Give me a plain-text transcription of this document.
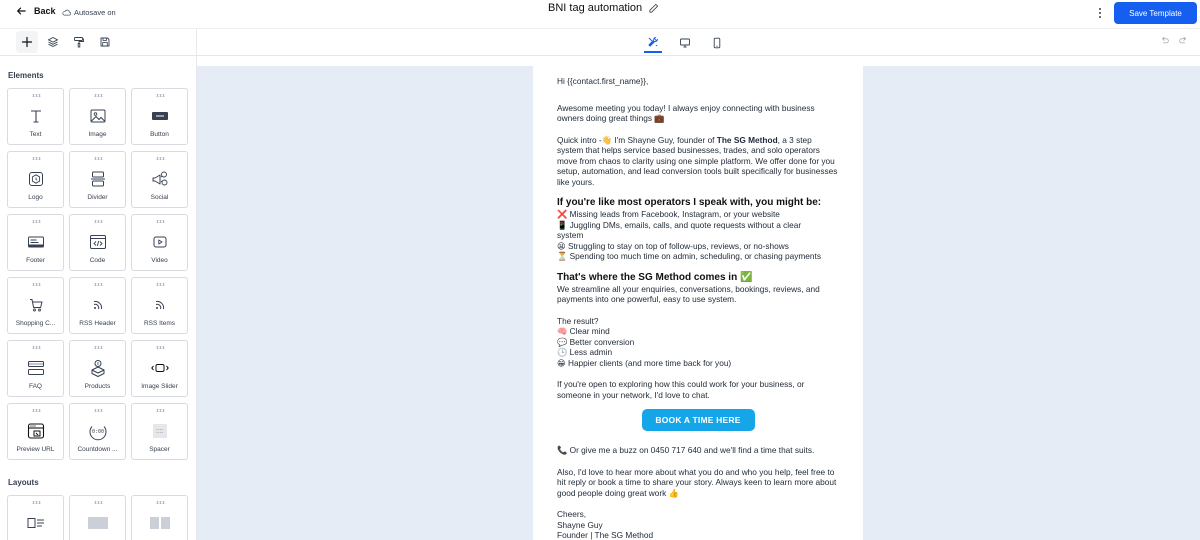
Back Autosave on	BNI tag automation	Save Template
Elements
Text	Image	Button
Logo	Divider	Social
Footer	Code	Video
Shopping C...	RSS Header	RSS Items
FAQ	Products	Image Slider
Preview URL
0:00
Countdown ...	Spacer
Layouts

Hi {{contact.first_name}},

Awesome meeting you today! I always enjoy connecting with business owners doing great things 💼

Quick intro -👋 I'm Shayne Guy, founder of The SG Method, a 3 step system that helps service based businesses, trades, and solo operators move from chaos to clarity using one simple platform. We offer done for you setup, automation, and lead conversion tools built specifically for businesses like yours.

If you're like most operators I speak with, you might be:
❌ Missing leads from Facebook, Instagram, or your website
📱 Juggling DMs, emails, calls, and quote requests without a clear
system
😫 Struggling to stay on top of follow-ups, reviews, or no-shows
⏳ Spending too much time on admin, scheduling, or chasing payments
That's where the SG Method comes in ✅

We streamline all your enquiries, conversations, bookings, reviews, and payments into one powerful, easy to use system.

The result?
🧠 Clear mind
💬 Better conversion
🕒 Less admin
😁 Happier clients (and more time back for you)

If you're open to exploring how this could work for your business, or someone in your network, I'd love to chat.

BOOK A TIME HERE

📞 Or give me a buzz on 0450 717 640 and we'll find a time that suits.

Also, I'd love to hear more about what you do and who you help, feel free to hit reply or book a time to share your story. Always keen to learn more about good people doing great work 👍

Cheers,
Shayne Guy
Founder | The SG Method
